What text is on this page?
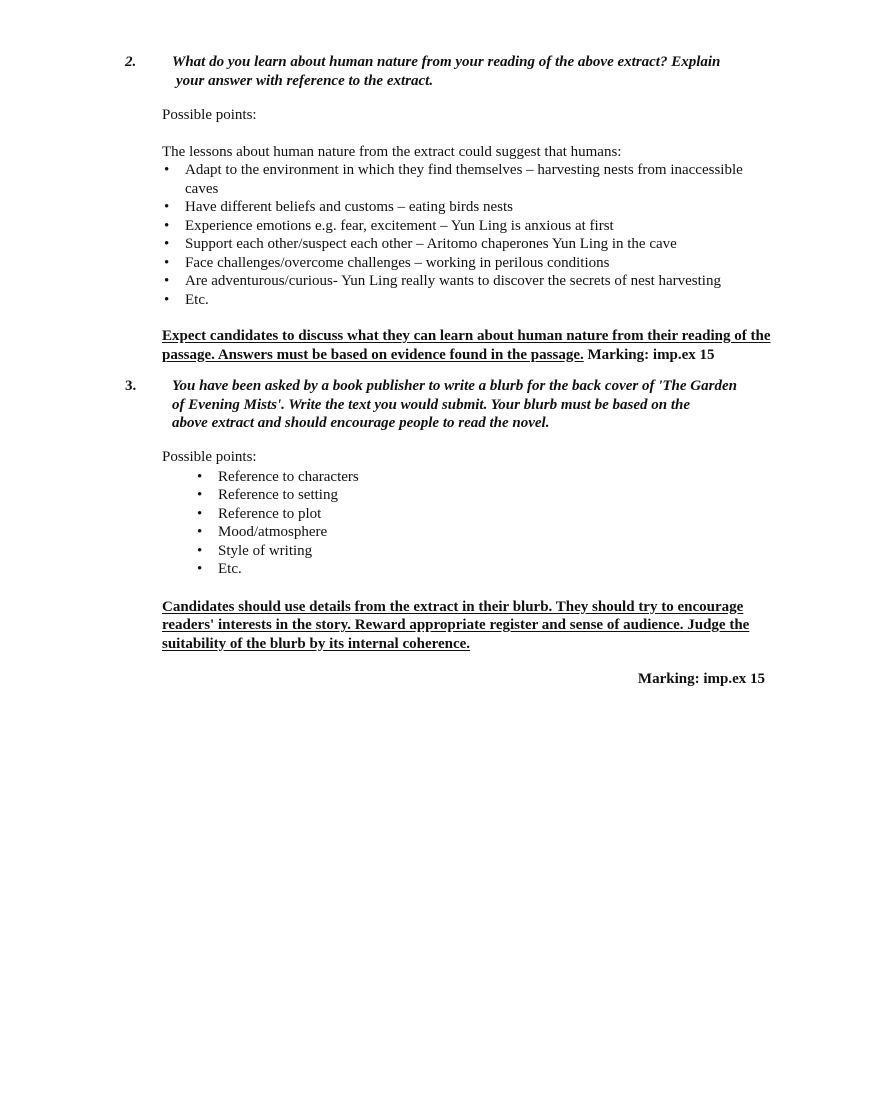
2. What do you learn about human nature from your reading of the above extract? Explain
your answer with reference to the extract.

Possible points:

The lessons about human nature from the extract could suggest that humans:

• Adapt to the environment in which they find themselves – harvesting nests from inaccessible caves
• Have different beliefs and customs – eating birds nests
• Experience emotions e.g. fear, excitement – Yun Ling is anxious at first
• Support each other/suspect each other – Aritomo chaperones Yun Ling in the cave
• Face challenges/overcome challenges – working in perilous conditions
• Are adventurous/curious- Yun Ling really wants to discover the secrets of nest harvesting
• Etc.

Expect candidates to discuss what they can learn about human nature from their reading of the passage. Answers must be based on evidence found in the passage. Marking: imp.ex 15

3. You have been asked by a book publisher to write a blurb for the back cover of 'The Garden
of Evening Mists'. Write the text you would submit. Your blurb must be based on the
above extract and should encourage people to read the novel.

Possible points:

• Reference to characters
• Reference to setting
• Reference to plot
• Mood/atmosphere
• Style of writing
• Etc.

Candidates should use details from the extract in their blurb. They should try to encourage readers' interests in the story. Reward appropriate register and sense of audience. Judge the suitability of the blurb by its internal coherence.

Marking: imp.ex 15
